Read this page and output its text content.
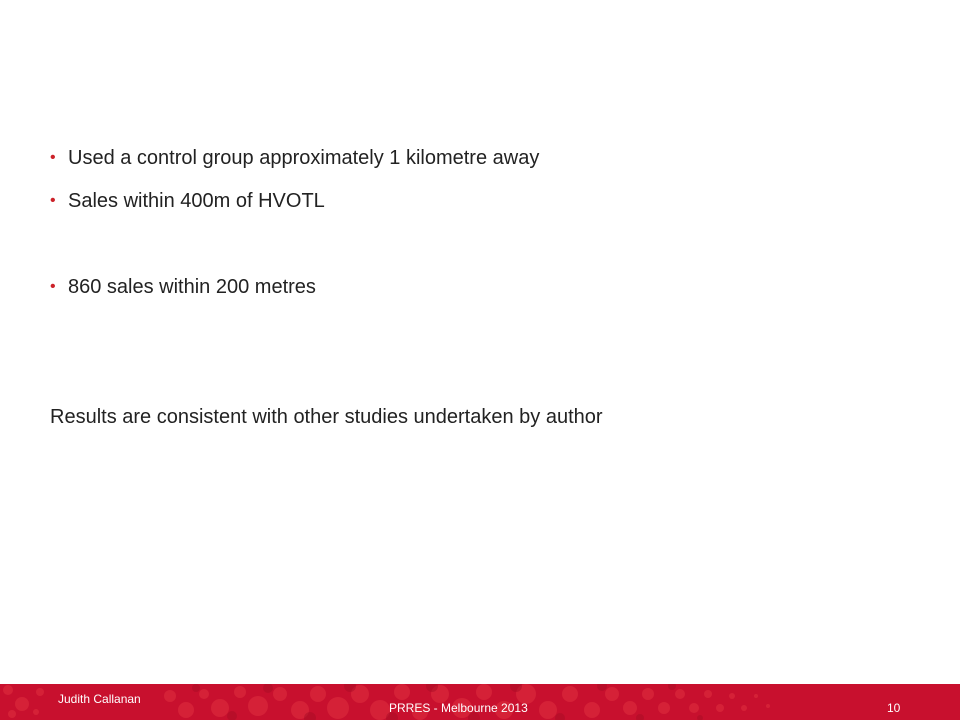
• Used a control group approximately 1 kilometre away
• Sales within 400m of HVOTL
• 860 sales within 200 metres
Results are consistent with other studies undertaken by author
Judith Callanan
PRRES - Melbourne 2013	10
